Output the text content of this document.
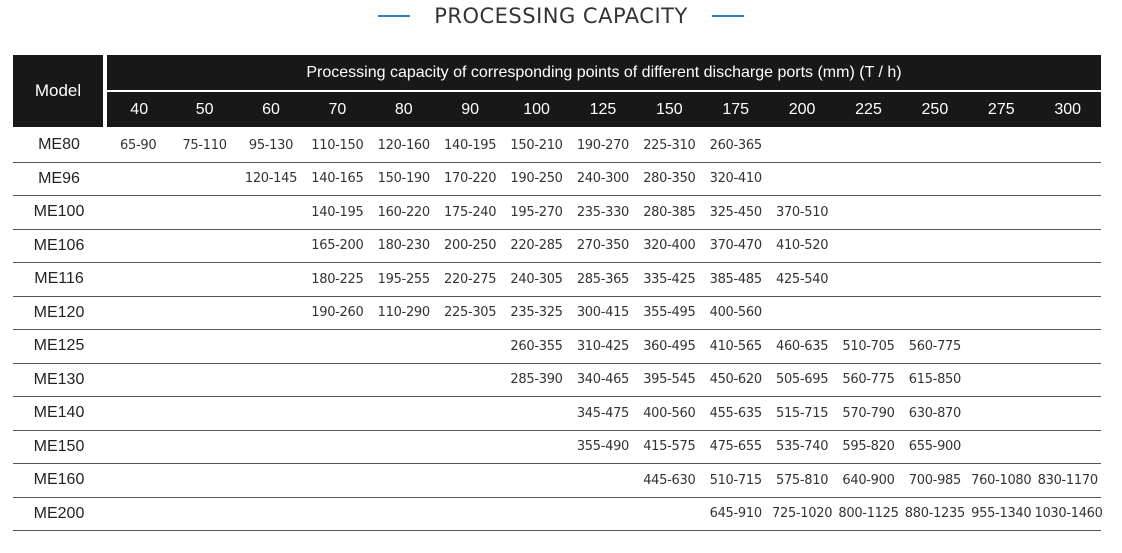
PROCESSING CAPACITY
Model	Processing capacity of corresponding points of different discharge ports (mm) (T / h)														
	40	50	60	70	80	90	100	125	150	175	200	225	250	275	300
ME80	65-90	75-110	95-130	110-150	120-160	140-195	150-210	190-270	225-310	260-365					
ME96			120-145	140-165	150-190	170-220	190-250	240-300	280-350	320-410					
ME100				140-195	160-220	175-240	195-270	235-330	280-385	325-450	370-510				
ME106				165-200	180-230	200-250	220-285	270-350	320-400	370-470	410-520				
ME116				180-225	195-255	220-275	240-305	285-365	335-425	385-485	425-540				
ME120				190-260	110-290	225-305	235-325	300-415	355-495	400-560					
ME125							260-355	310-425	360-495	410-565	460-635	510-705	560-775		
ME130							285-390	340-465	395-545	450-620	505-695	560-775	615-850		
ME140								345-475	400-560	455-635	515-715	570-790	630-870		
ME150								355-490	415-575	475-655	535-740	595-820	655-900		
ME160									445-630	510-715	575-810	640-900	700-985	760-1080	830-1170
ME200										645-910	725-1020	800-1125	880-1235	955-1340	1030-1460
